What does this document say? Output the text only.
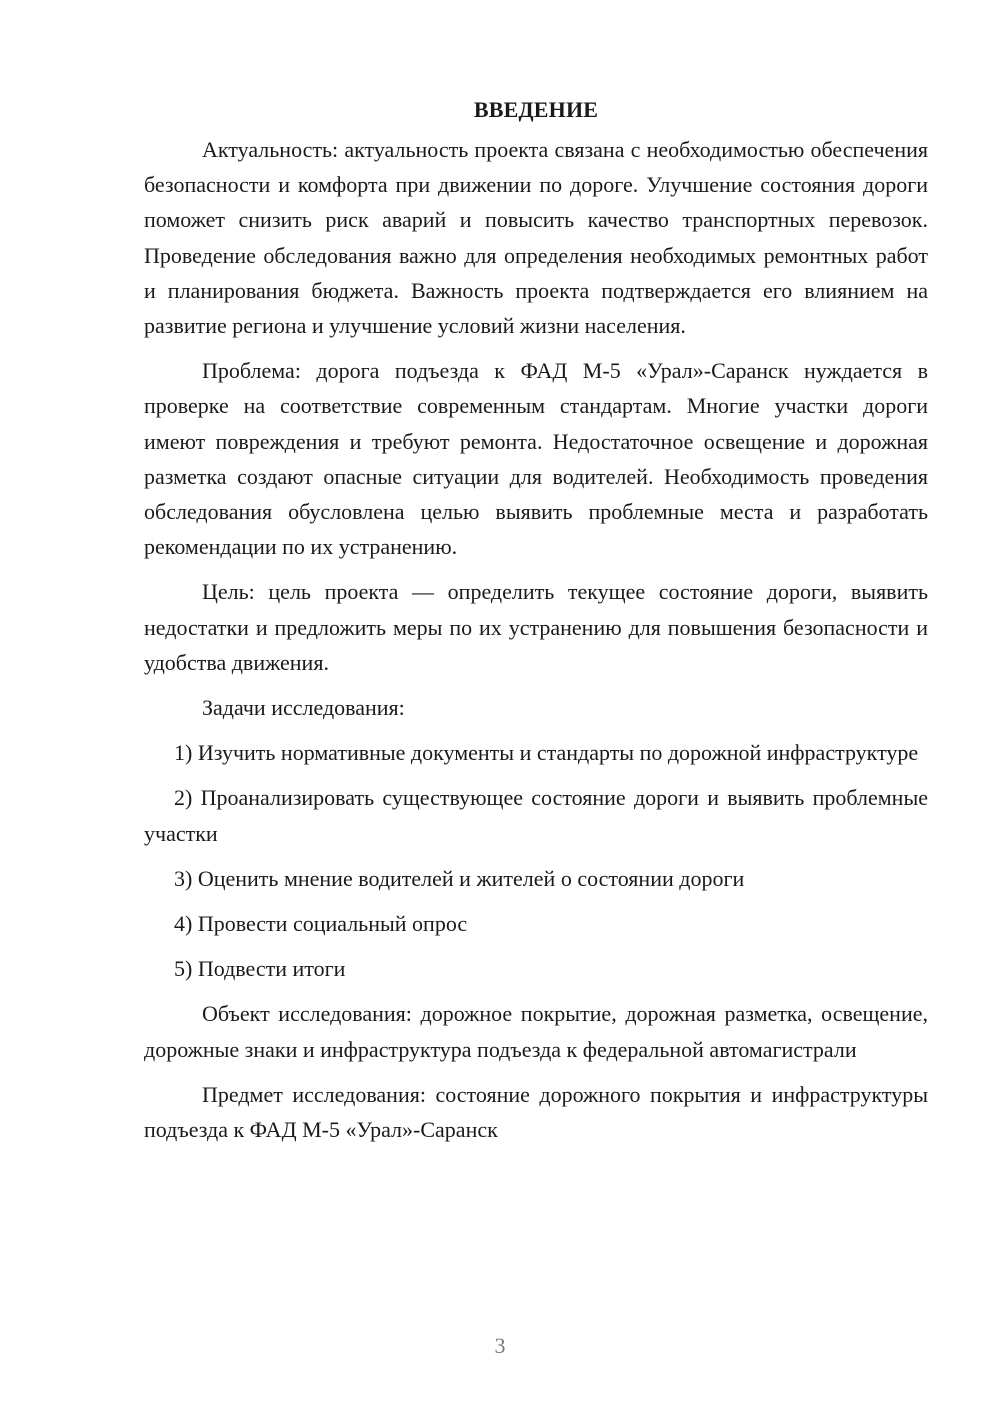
ВВЕДЕНИЕ

Актуальность: актуальность проекта связана с необходимостью обеспечения безопасности и комфорта при движении по дороге. Улучшение состояния дороги поможет снизить риск аварий и повысить качество транспортных перевозок. Проведение обследования важно для определения необходимых ремонтных работ и планирования бюджета. Важность проекта подтверждается его влиянием на развитие региона и улучшение условий жизни населения.

Проблема: дорога подъезда к ФАД М-5 «Урал»-Саранск нуждается в проверке на соответствие современным стандартам. Многие участки дороги имеют повреждения и требуют ремонта. Недостаточное освещение и дорожная разметка создают опасные ситуации для водителей. Необходимость проведения обследования обусловлена целью выявить проблемные места и разработать рекомендации по их устранению.

Цель: цель проекта — определить текущее состояние дороги, выявить недостатки и предложить меры по их устранению для повышения безопасности и удобства движения.

Задачи исследования:

1) Изучить нормативные документы и стандарты по дорожной инфраструктуре

2) Проанализировать существующее состояние дороги и выявить проблемные участки

3) Оценить мнение водителей и жителей о состоянии дороги

4) Провести социальный опрос

5) Подвести итоги

Объект исследования: дорожное покрытие, дорожная разметка, освещение, дорожные знаки и инфраструктура подъезда к федеральной автомагистрали

Предмет исследования: состояние дорожного покрытия и инфраструктуры подъезда к ФАД М-5 «Урал»-Саранск

3
